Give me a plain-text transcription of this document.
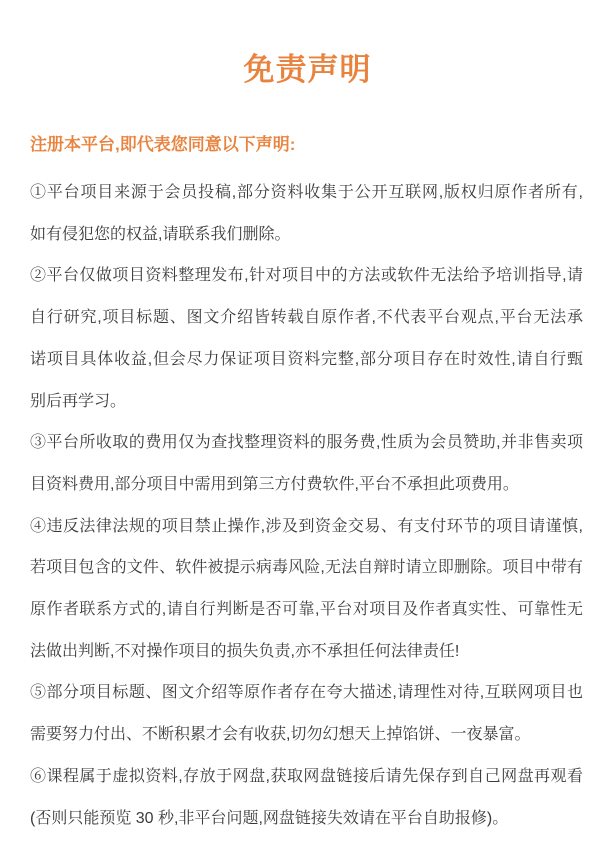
免责声明
注册本平台,即代表您同意以下声明:
①平台项目来源于会员投稿,部分资料收集于公开互联网,版权归原作者所有,
如有侵犯您的权益,请联系我们删除。
②平台仅做项目资料整理发布,针对项目中的方法或软件无法给予培训指导,请
自行研究,项目标题、图文介绍皆转载自原作者,不代表平台观点,平台无法承
诺项目具体收益,但会尽力保证项目资料完整,部分项目存在时效性,请自行甄
别后再学习。
③平台所收取的费用仅为查找整理资料的服务费,性质为会员赞助,并非售卖项
目资料费用,部分项目中需用到第三方付费软件,平台不承担此项费用。
④违反法律法规的项目禁止操作,涉及到资金交易、有支付环节的项目请谨慎,
若项目包含的文件、软件被提示病毒风险,无法自辩时请立即删除。项目中带有
原作者联系方式的,请自行判断是否可靠,平台对项目及作者真实性、可靠性无
法做出判断,不对操作项目的损失负责,亦不承担任何法律责任!
⑤部分项目标题、图文介绍等原作者存在夸大描述,请理性对待,互联网项目也
需要努力付出、不断积累才会有收获,切勿幻想天上掉馅饼、一夜暴富。
⑥课程属于虚拟资料,存放于网盘,获取网盘链接后请先保存到自己网盘再观看
(否则只能预览 30 秒,非平台问题,网盘链接失效请在平台自助报修)。
